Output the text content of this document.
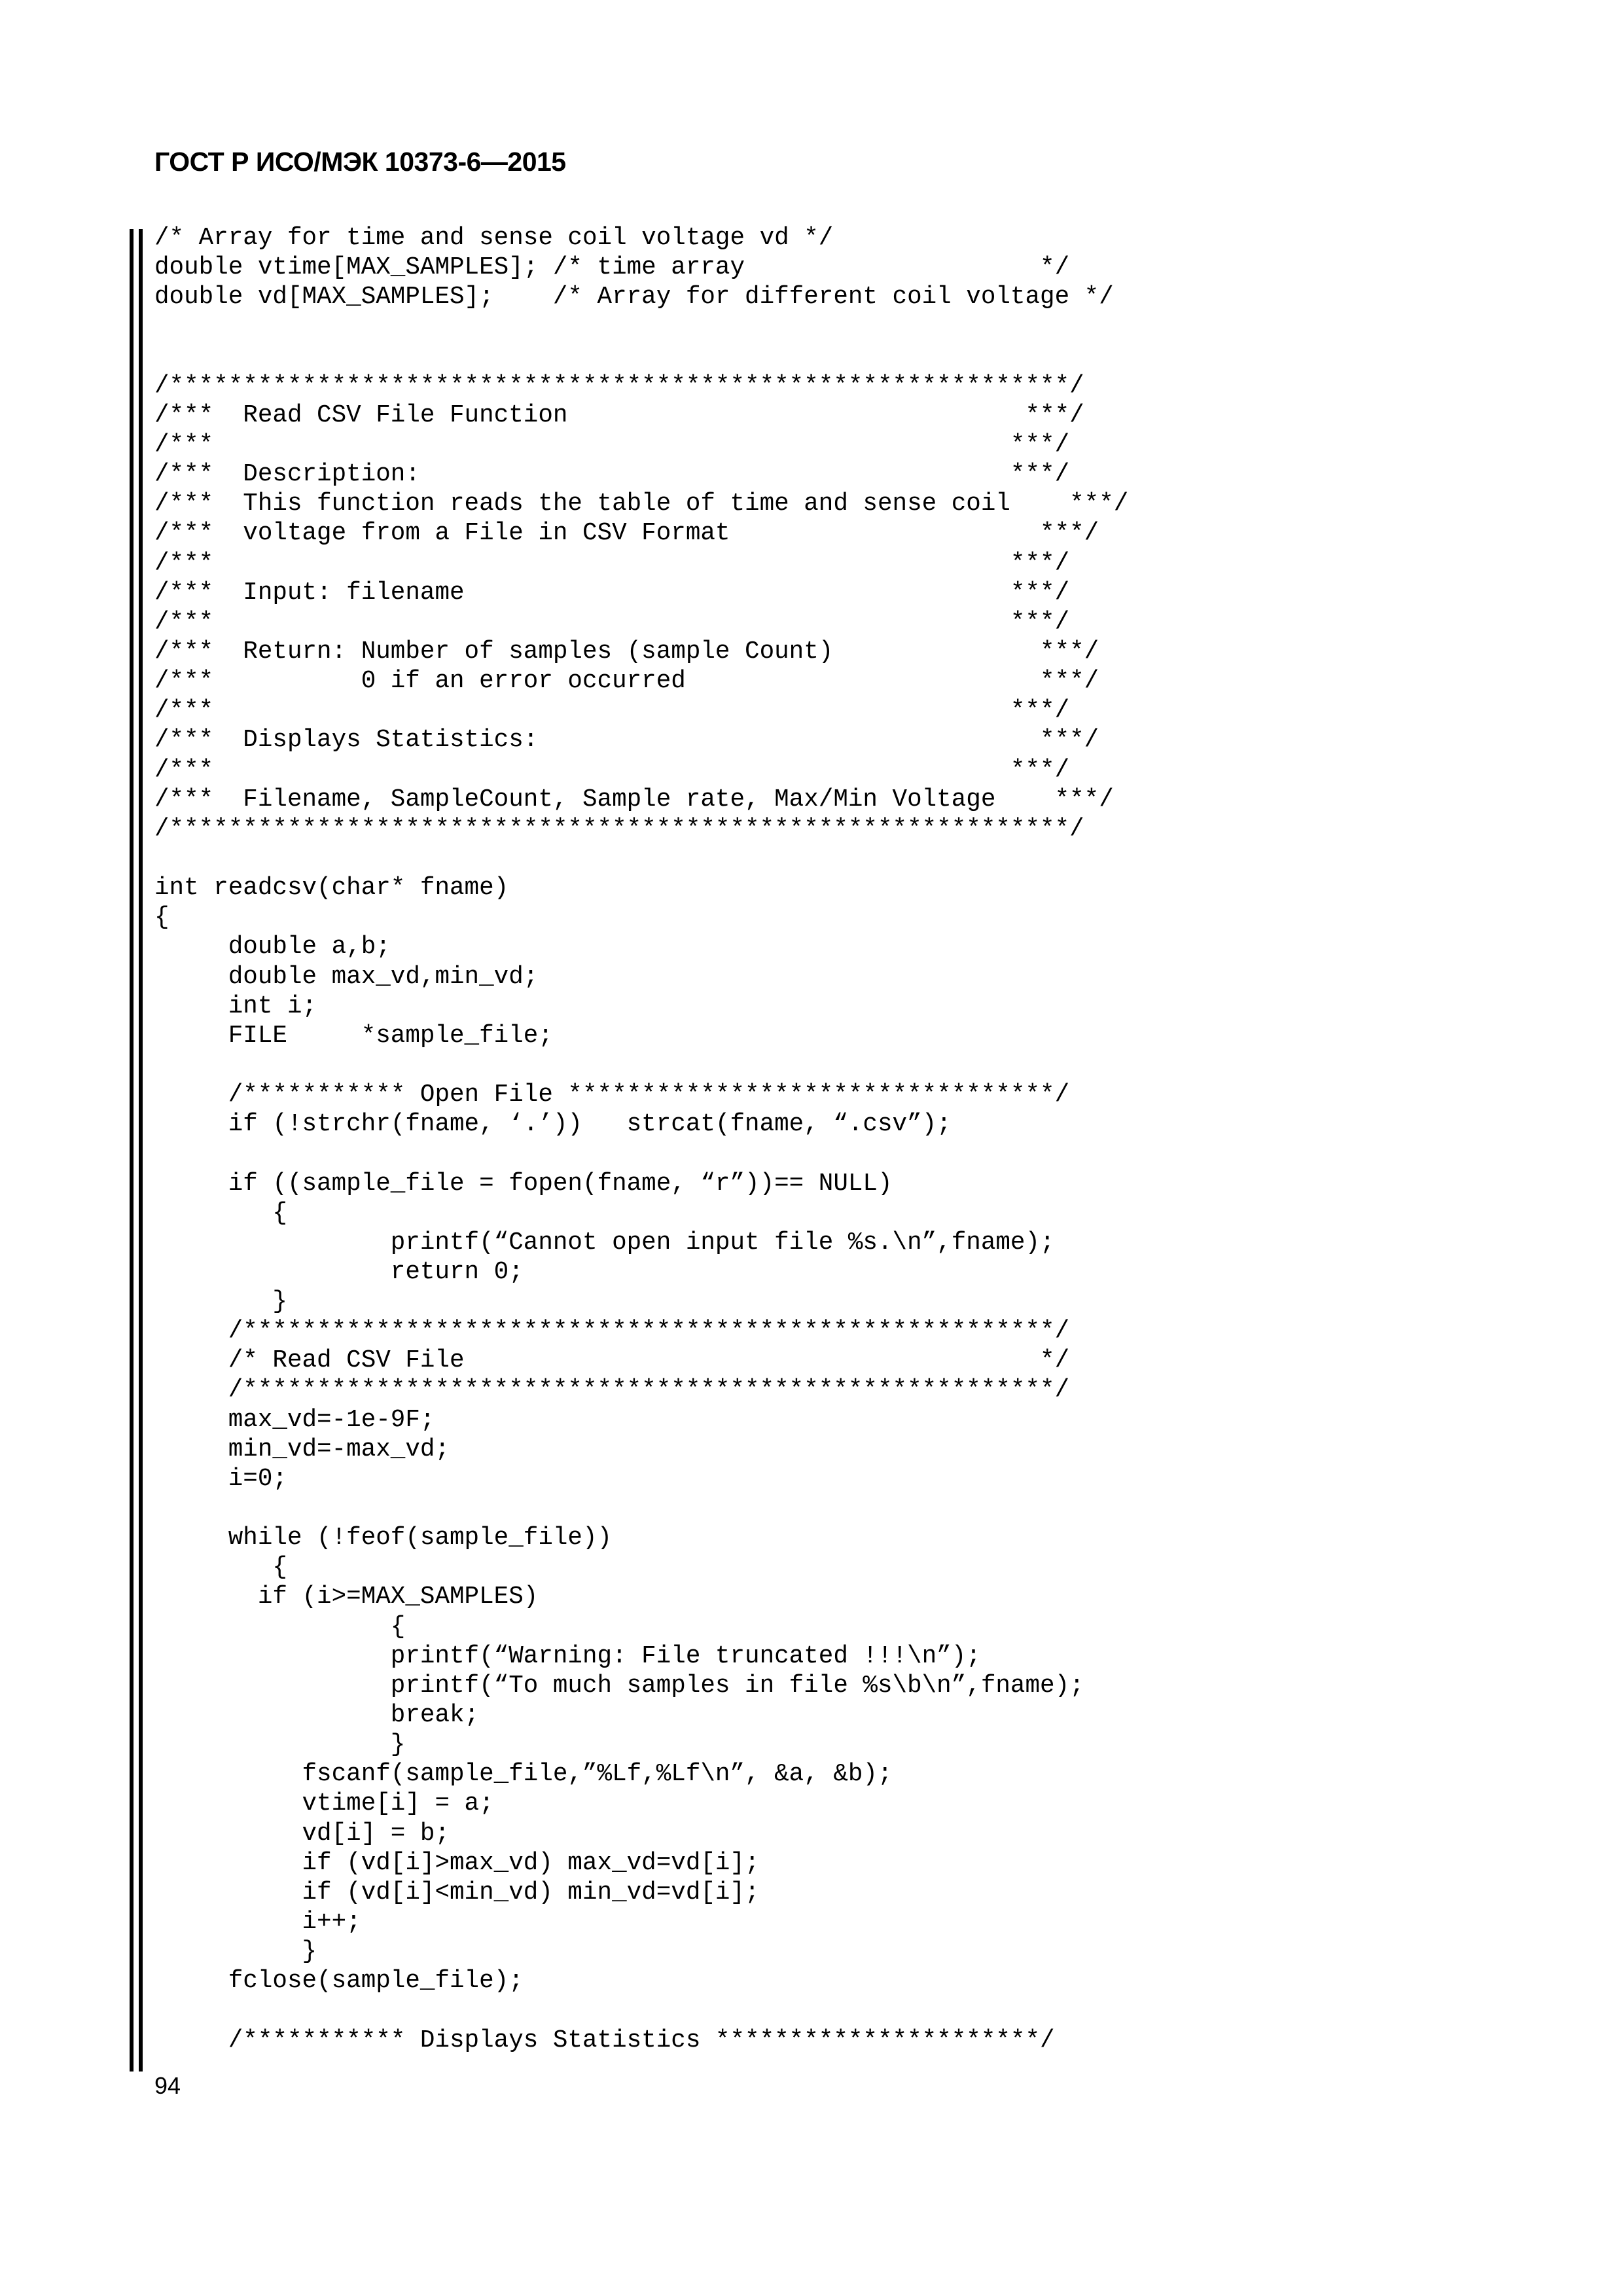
ГОСТ Р ИСО/МЭК 10373-6—2015
/* Array for time and sense coil voltage vd */
double vtime[MAX_SAMPLES]; /* time array                    */
double vd[MAX_SAMPLES];    /* Array for different coil voltage */
/*************************************************************/
/***  Read CSV File Function                               ***/
/***                                                      ***/
/***  Description:                                        ***/
/***  This function reads the table of time and sense coil    ***/
/***  voltage from a File in CSV Format                     ***/
/***                                                      ***/
/***  Input: filename                                     ***/
/***                                                      ***/
/***  Return: Number of samples (sample Count)              ***/
/***          0 if an error occurred                        ***/
/***                                                      ***/
/***  Displays Statistics:                                  ***/
/***                                                      ***/
/***  Filename, SampleCount, Sample rate, Max/Min Voltage    ***/
/*************************************************************/
int readcsv(char* fname)
{
double a,b;
double max_vd,min_vd;
int i;
FILE     *sample_file;
/*********** Open File *********************************/
if (!strchr(fname, ‘.’))   strcat(fname, “.csv”);
if ((sample_file = fopen(fname, “r”))== NULL)
{
printf(“Cannot open input file %s.\n”,fname);
return 0;
}
/*******************************************************/
/* Read CSV File                                       */
/*******************************************************/
max_vd=-1e-9F;
min_vd=-max_vd;
i=0;
while (!feof(sample_file))
{
if (i>=MAX_SAMPLES)
{
printf(“Warning: File truncated !!!\n”);
printf(“To much samples in file %s\b\n”,fname);
break;
}
fscanf(sample_file,”%Lf,%Lf\n”, &a, &b);
vtime[i] = a;
vd[i] = b;
if (vd[i]>max_vd) max_vd=vd[i];
if (vd[i]<min_vd) min_vd=vd[i];
i++;
}
fclose(sample_file);
/*********** Displays Statistics **********************/
94
